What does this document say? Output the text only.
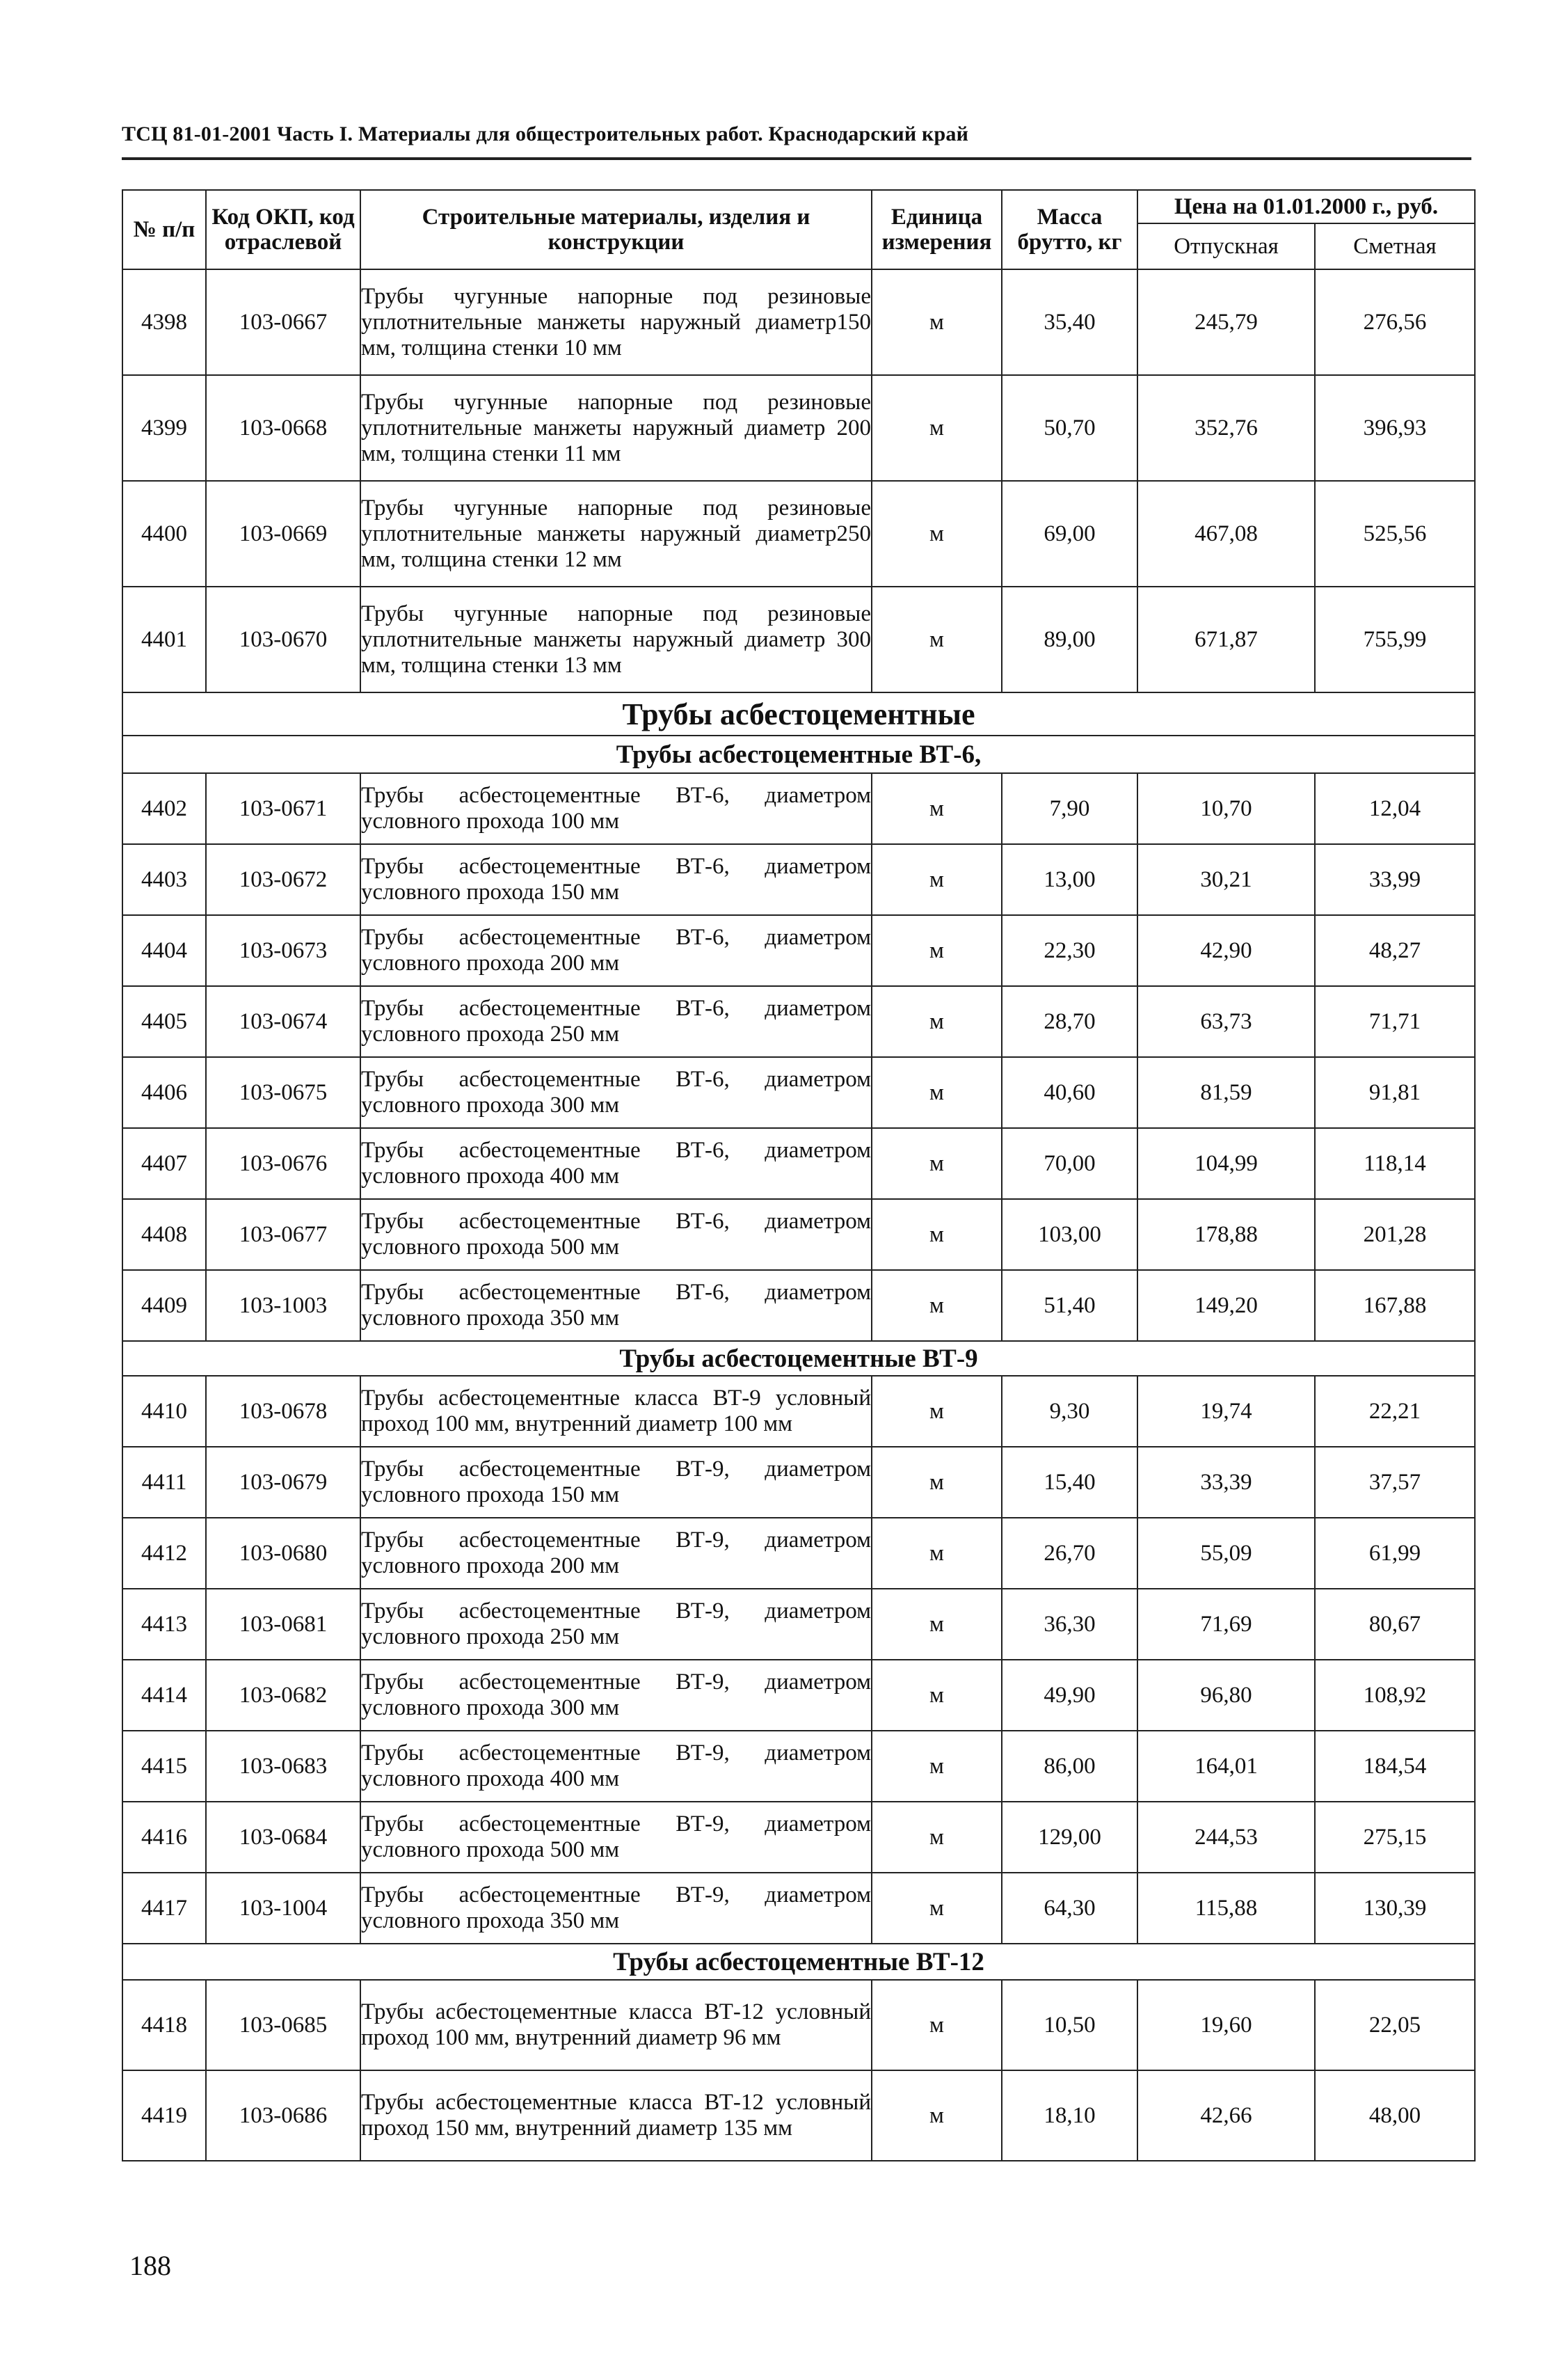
ТСЦ 81-01-2001 Часть I. Материалы для общестроительных работ. Краснодарский край
№ п/п	Код ОКП, код отраслевой	Строительные материалы, изделия и конструкции	Единица измерения	Масса брутто, кг	Цена на 01.01.2000 г., руб.	
					Отпускная	Сметная
4398	103-0667	Трубы чугунные напорные под резиновые уплотнительные манжеты наружный диаметр150 мм, толщина стенки 10 мм	м	35,40	245,79	276,56
4399	103-0668	Трубы чугунные напорные под резиновые уплотнительные манжеты наружный диаметр 200 мм, толщина стенки 11 мм	м	50,70	352,76	396,93
4400	103-0669	Трубы чугунные напорные под резиновые уплотнительные манжеты наружный диаметр250 мм, толщина стенки 12 мм	м	69,00	467,08	525,56
4401	103-0670	Трубы чугунные напорные под резиновые уплотнительные манжеты наружный диаметр 300 мм, толщина стенки 13 мм	м	89,00	671,87	755,99
Трубы асбестоцементные						
Трубы асбестоцементные ВТ-6,						
4402	103-0671	Трубы асбестоцементные ВТ-6, диаметром условного прохода 100 мм	м	7,90	10,70	12,04
4403	103-0672	Трубы асбестоцементные ВТ-6, диаметром условного прохода 150 мм	м	13,00	30,21	33,99
4404	103-0673	Трубы асбестоцементные ВТ-6, диаметром условного прохода 200 мм	м	22,30	42,90	48,27
4405	103-0674	Трубы асбестоцементные ВТ-6, диаметром условного прохода 250 мм	м	28,70	63,73	71,71
4406	103-0675	Трубы асбестоцементные ВТ-6, диаметром условного прохода 300 мм	м	40,60	81,59	91,81
4407	103-0676	Трубы асбестоцементные ВТ-6, диаметром условного прохода 400 мм	м	70,00	104,99	118,14
4408	103-0677	Трубы асбестоцементные ВТ-6, диаметром условного прохода 500 мм	м	103,00	178,88	201,28
4409	103-1003	Трубы асбестоцементные ВТ-6, диаметром условного прохода 350 мм	м	51,40	149,20	167,88
Трубы асбестоцементные ВТ-9						
4410	103-0678	Трубы асбестоцементные класса ВТ-9 условный проход 100 мм, внутренний диаметр 100 мм	м	9,30	19,74	22,21
4411	103-0679	Трубы асбестоцементные ВТ-9, диаметром условного прохода 150 мм	м	15,40	33,39	37,57
4412	103-0680	Трубы асбестоцементные ВТ-9, диаметром условного прохода 200 мм	м	26,70	55,09	61,99
4413	103-0681	Трубы асбестоцементные ВТ-9, диаметром условного прохода 250 мм	м	36,30	71,69	80,67
4414	103-0682	Трубы асбестоцементные ВТ-9, диаметром условного прохода 300 мм	м	49,90	96,80	108,92
4415	103-0683	Трубы асбестоцементные ВТ-9, диаметром условного прохода 400 мм	м	86,00	164,01	184,54
4416	103-0684	Трубы асбестоцементные ВТ-9, диаметром условного прохода 500 мм	м	129,00	244,53	275,15
4417	103-1004	Трубы асбестоцементные ВТ-9, диаметром условного прохода 350 мм	м	64,30	115,88	130,39
Трубы асбестоцементные ВТ-12						
4418	103-0685	Трубы асбестоцементные класса ВТ-12 условный проход 100 мм, внутренний диаметр 96 мм	м	10,50	19,60	22,05
4419	103-0686	Трубы асбестоцементные класса ВТ-12 условный проход 150 мм, внутренний диаметр 135 мм	м	18,10	42,66	48,00
188
